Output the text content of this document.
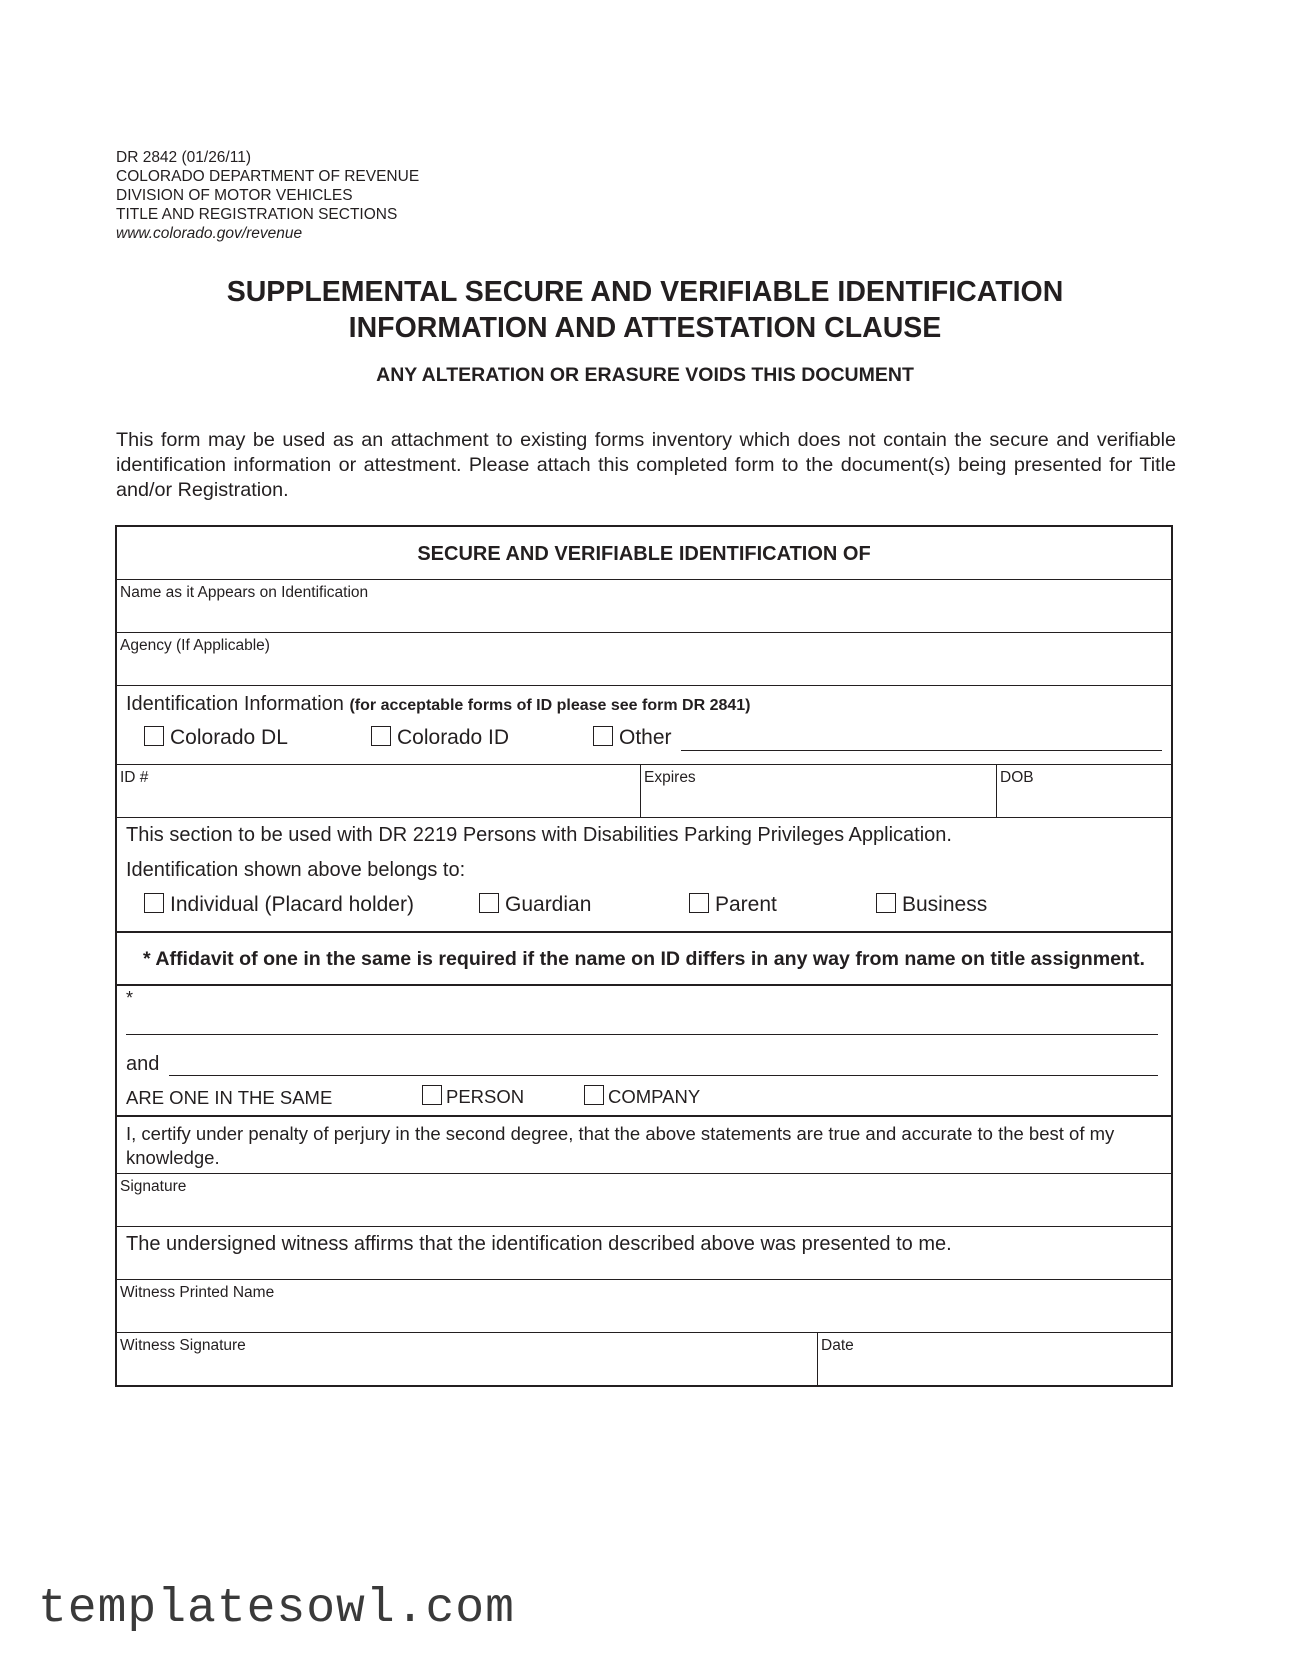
DR 2842 (01/26/11)
COLORADO DEPARTMENT OF REVENUE
DIVISION OF MOTOR VEHICLES
TITLE AND REGISTRATION SECTIONS
www.colorado.gov/revenue
SUPPLEMENTAL SECURE AND VERIFIABLE IDENTIFICATION
INFORMATION AND ATTESTATION CLAUSE
ANY ALTERATION OR ERASURE VOIDS THIS DOCUMENT
This form may be used as an attachment to existing forms inventory which does not contain the secure and verifiable identification information or attestment. Please attach this completed form to the document(s) being presented for Title and/or Registration.
SECURE AND VERIFIABLE IDENTIFICATION OF
Name as it Appears on Identification
Agency (If Applicable)
Identification Information (for acceptable forms of ID please see form DR 2841)
Colorado DL	Colorado ID	Other
ID #	Expires	DOB
This section to be used with DR 2219 Persons with Disabilities Parking Privileges Application.
Identification shown above belongs to:
Individual (Placard holder)	Guardian	Parent	Business
* Affidavit of one in the same is required if the name on ID differs in any way from name on title assignment.
*
and
ARE ONE IN THE SAME	PERSON	COMPANY
I, certify under penalty of perjury in the second degree, that the above statements are true and accurate to the best of my knowledge.
Signature
The undersigned witness affirms that the identification described above was presented to me.
Witness Printed Name
Witness Signature	Date
templatesowl.com
